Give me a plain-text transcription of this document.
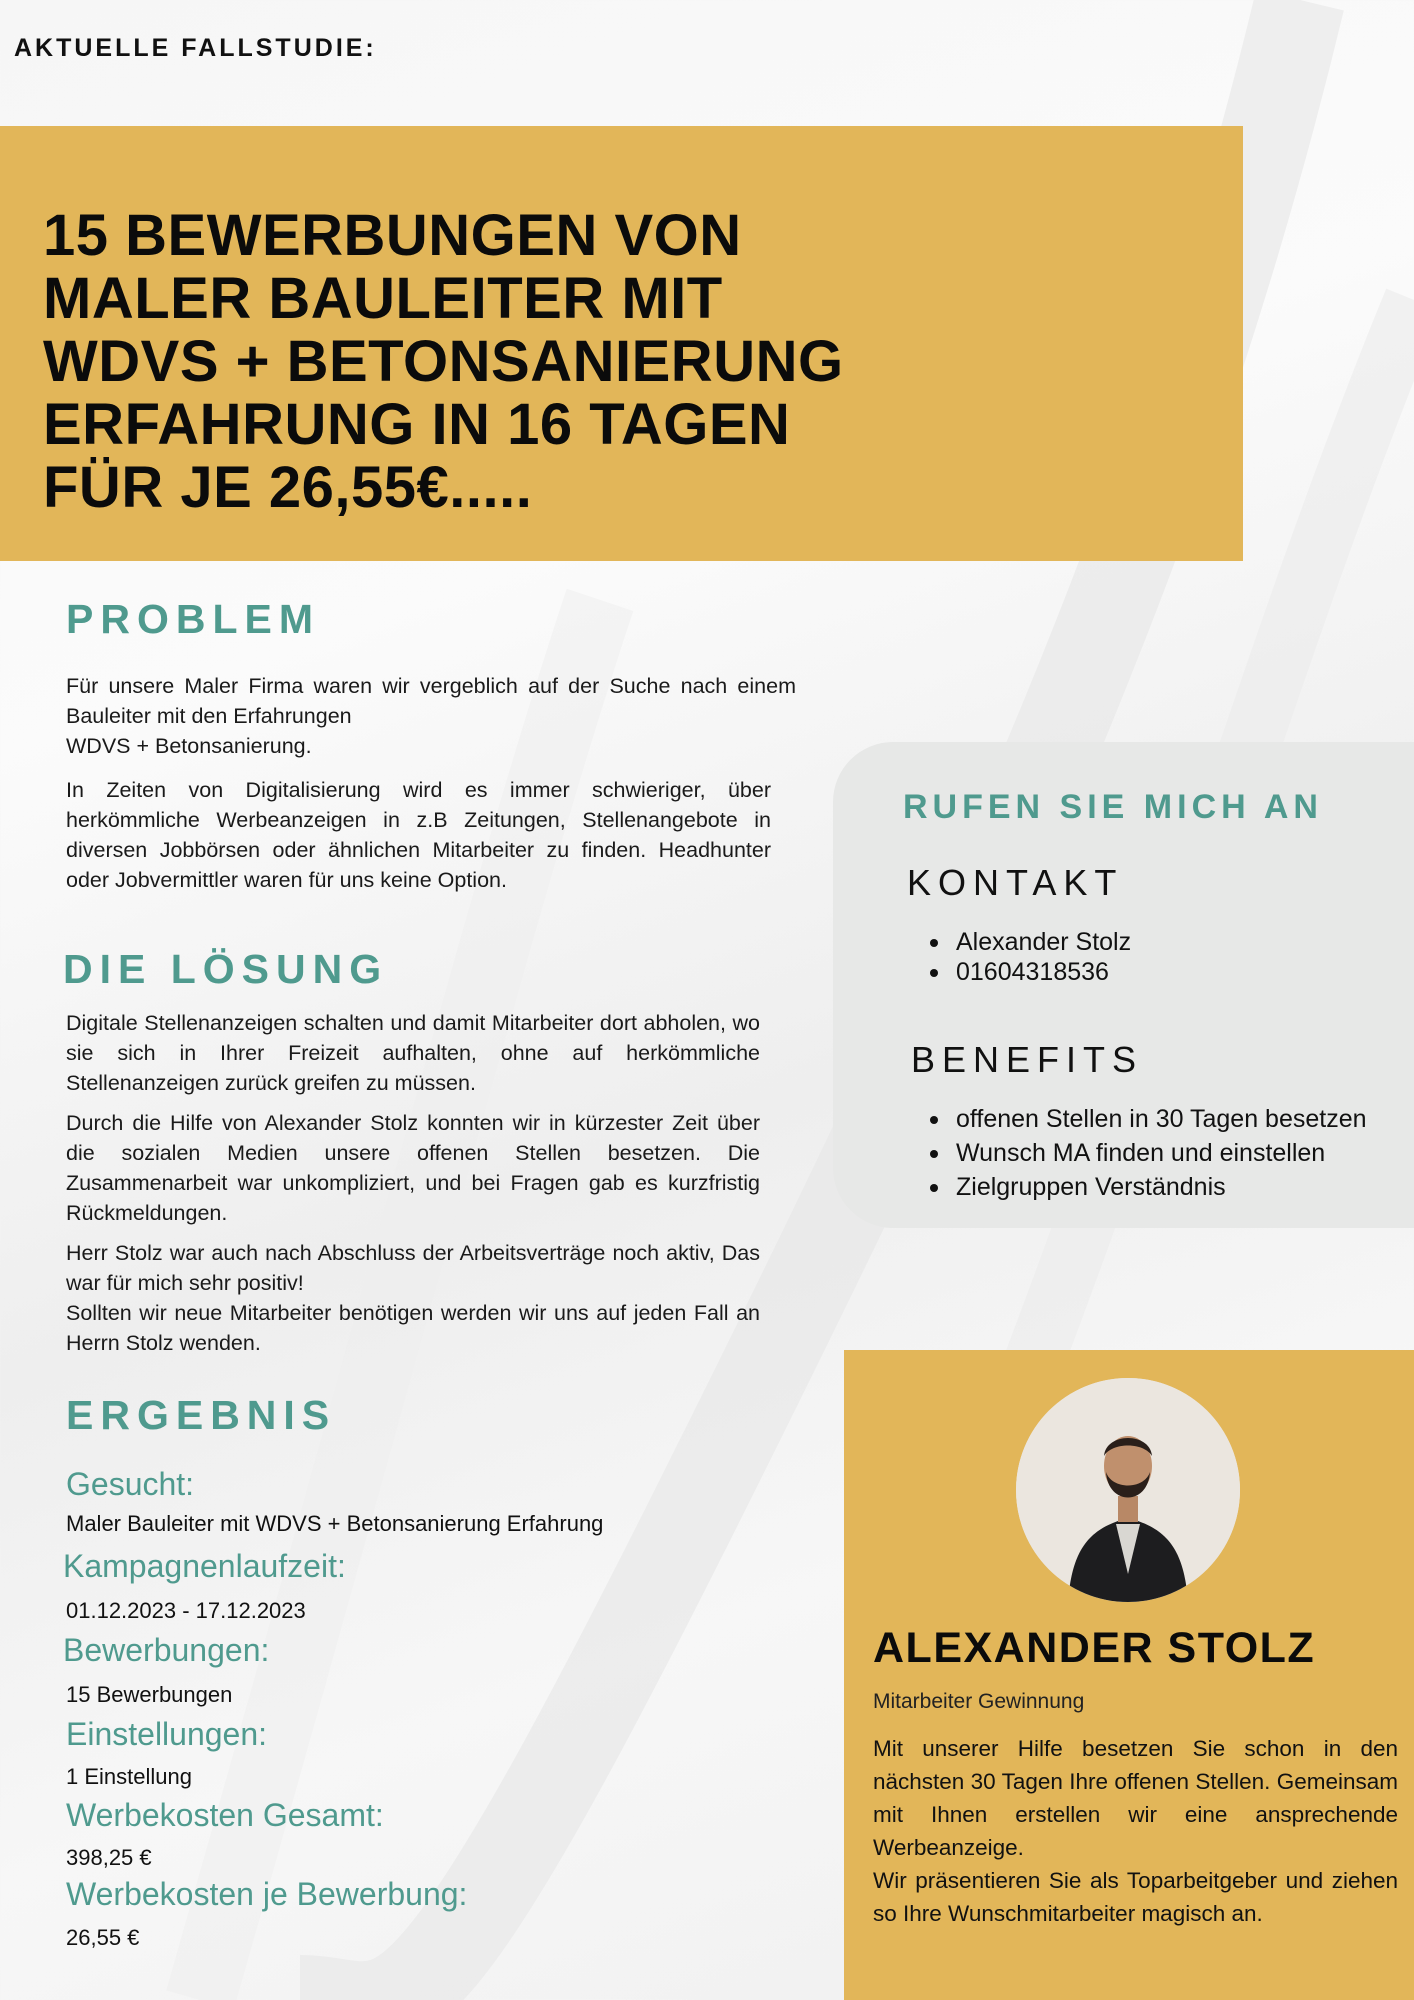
AKTUELLE FALLSTUDIE:
15 BEWERBUNGEN VON
MALER BAULEITER MIT
WDVS + BETONSANIERUNG
ERFAHRUNG IN 16 TAGEN
FÜR JE 26,55€.....
PROBLEM

Für unsere Maler Firma waren wir vergeblich auf der Suche nach einem Bauleiter mit den Erfahrungen
WDVS + Betonsanierung.

In Zeiten von Digitalisierung wird es immer schwieriger, über herkömmliche Werbeanzeigen in z.B Zeitungen, Stellenangebote in diversen Jobbörsen oder ähnlichen Mitarbeiter zu finden. Headhunter oder Jobvermittler waren für uns keine Option.

DIE LÖSUNG

Digitale Stellenanzeigen schalten und damit Mitarbeiter dort abholen, wo sie sich in Ihrer Freizeit aufhalten, ohne auf herkömmliche Stellenanzeigen zurück greifen zu müssen.

Durch die Hilfe von Alexander Stolz konnten wir in kürzester Zeit über die sozialen Medien unsere offenen Stellen besetzen. Die Zusammenarbeit war unkompliziert, und bei Fragen gab es kurzfristig Rückmeldungen.

Herr Stolz war auch nach Abschluss der Arbeitsverträge noch aktiv, Das war für mich sehr positiv!
Sollten wir neue Mitarbeiter benötigen werden wir uns auf jeden Fall an Herrn Stolz wenden.

ERGEBNIS

Gesucht:

Maler Bauleiter mit WDVS + Betonsanierung Erfahrung

Kampagnenlaufzeit:

01.12.2023 - 17.12.2023

Bewerbungen:

15 Bewerbungen

Einstellungen:

1 Einstellung

Werbekosten Gesamt:

398,25 €

Werbekosten je Bewerbung:

26,55 €

RUFEN SIE MICH AN
KONTAKT
Alexander Stolz
01604318536
BENEFITS
offenen Stellen in 30 Tagen besetzen
Wunsch MA finden und einstellen
Zielgruppen Verständnis
ALEXANDER STOLZ

Mitarbeiter Gewinnung

Mit unserer Hilfe besetzen Sie schon in den nächsten 30 Tagen Ihre offenen Stellen. Gemeinsam mit Ihnen erstellen wir eine ansprechende Werbeanzeige.
Wir präsentieren Sie als Toparbeitgeber und ziehen so Ihre Wunschmitarbeiter magisch an.
